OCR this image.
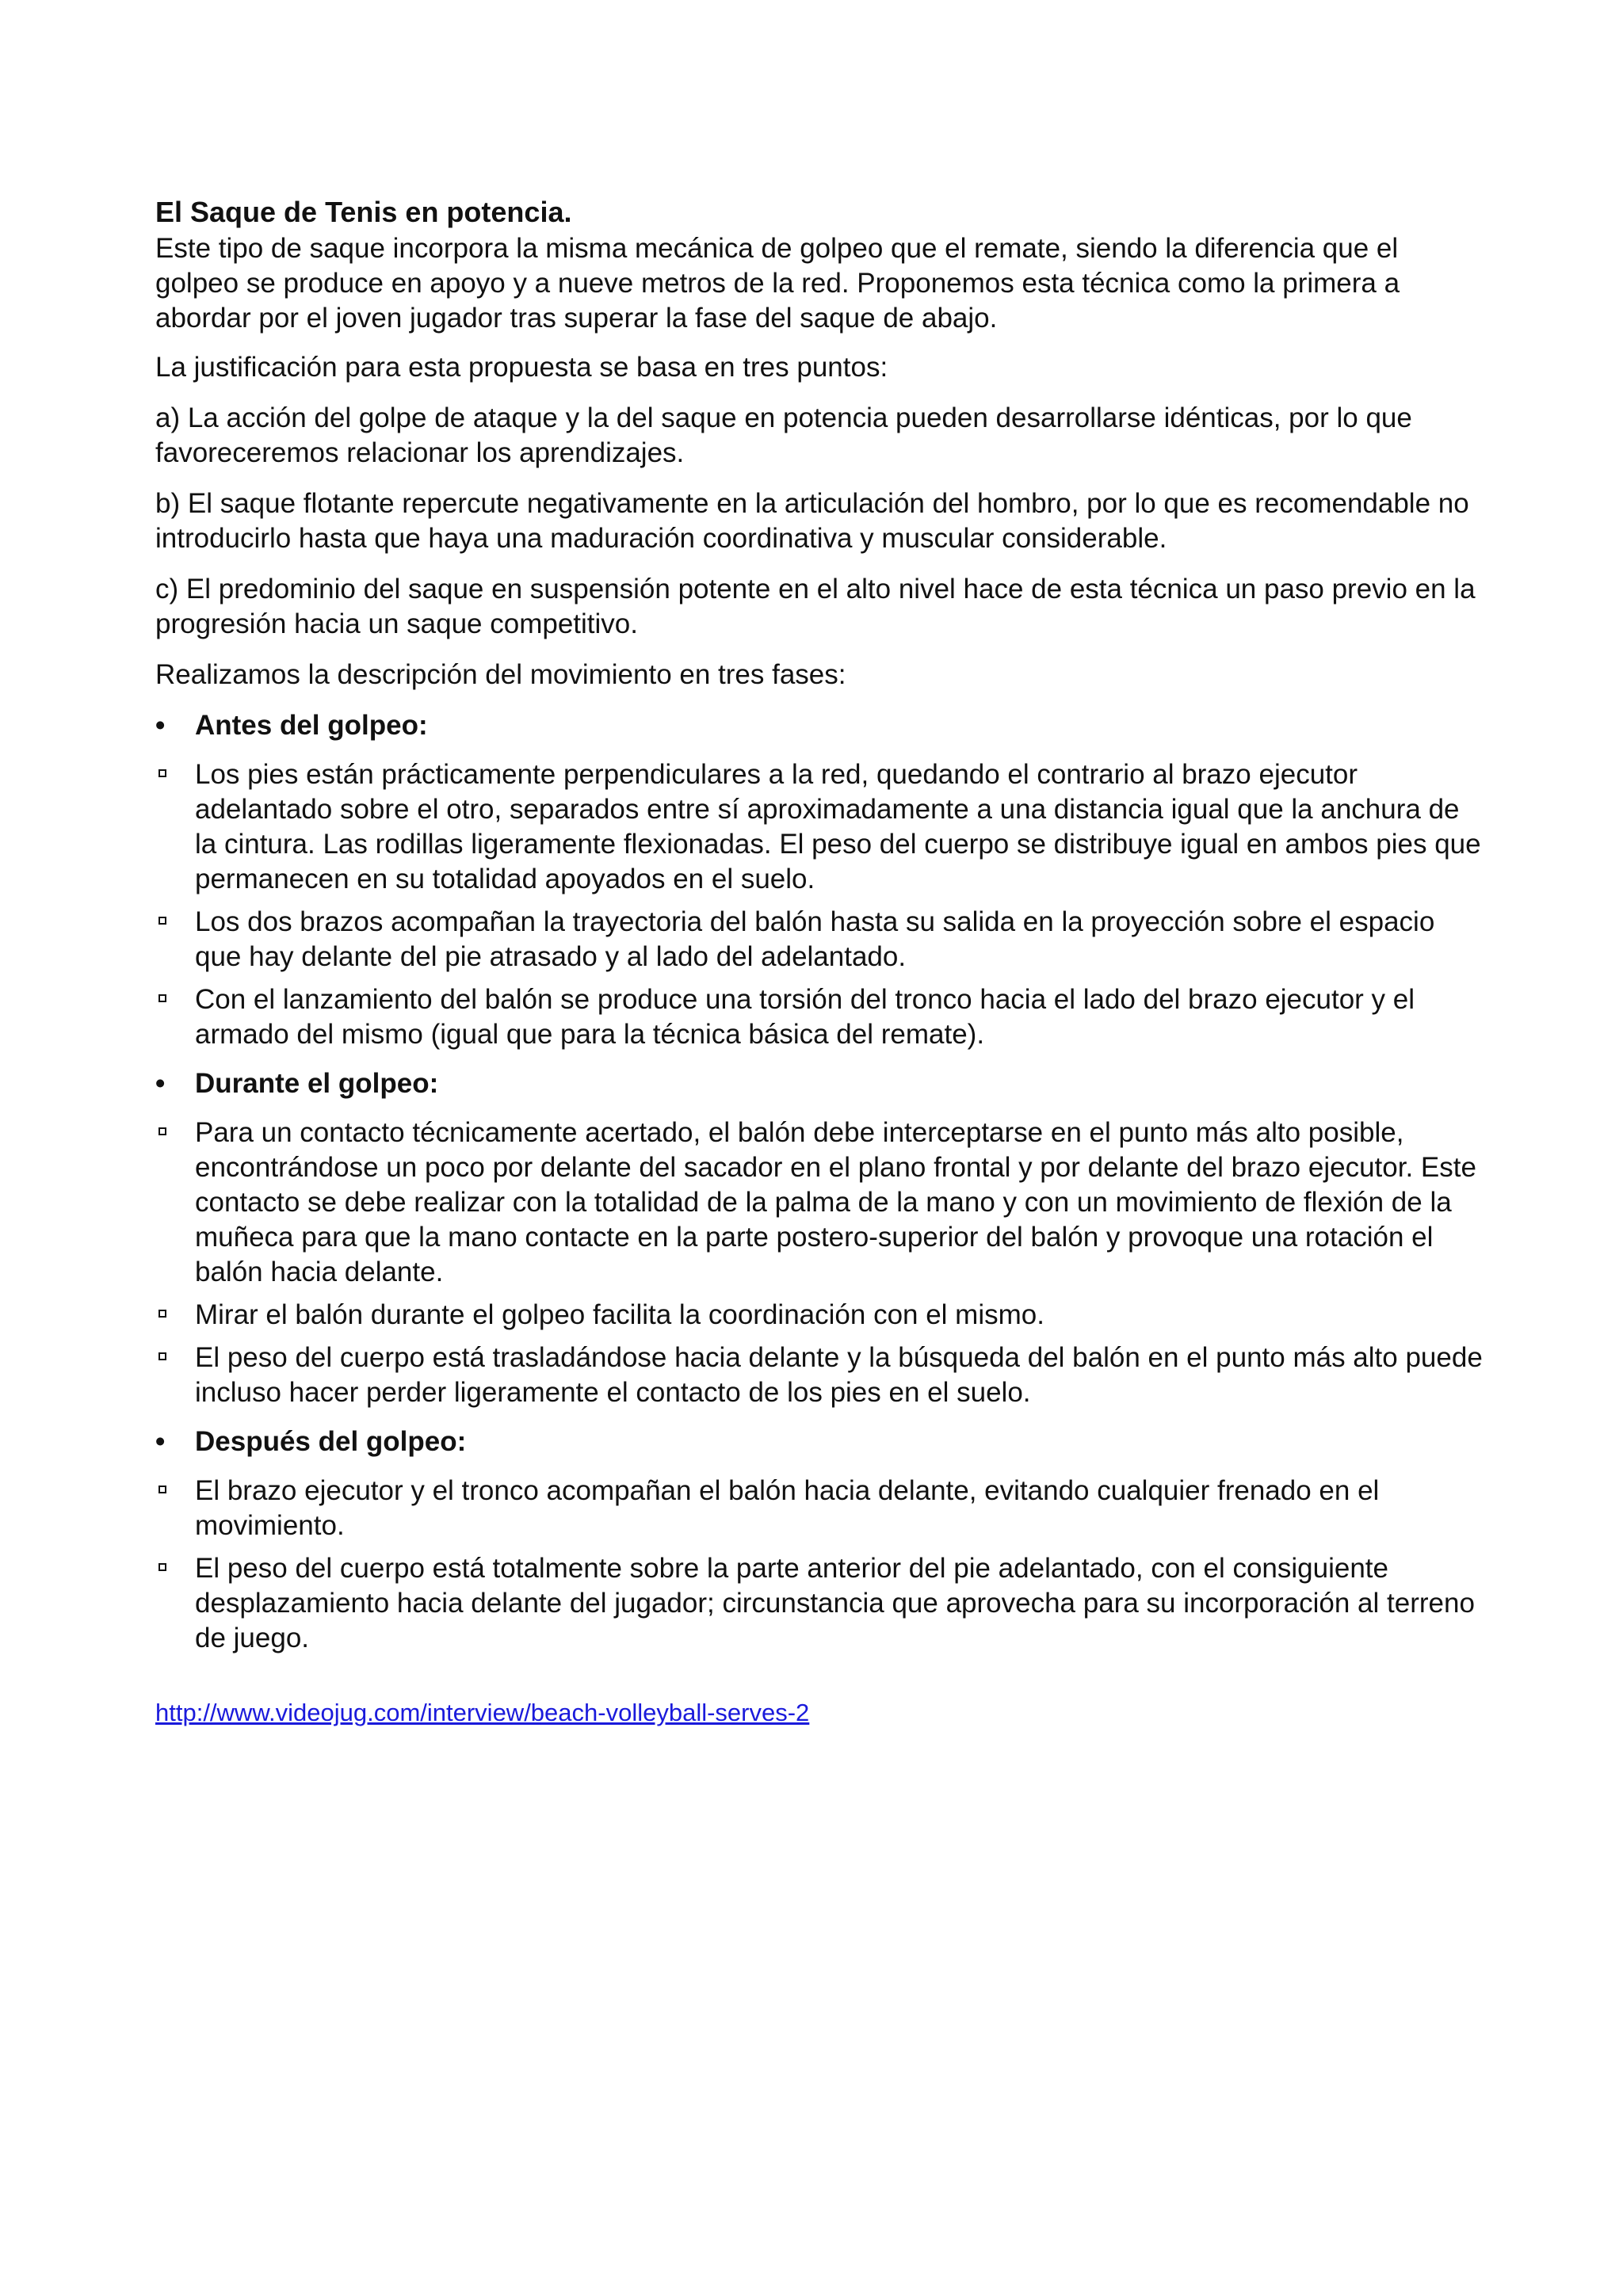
El Saque de Tenis en potencia.

Este tipo de saque incorpora la misma mecánica de golpeo que el remate, siendo la diferencia que el golpeo se produce en apoyo y a nueve metros de la red. Proponemos esta técnica como la primera a abordar por el joven jugador tras superar la fase del saque de abajo.

La justificación para esta propuesta se basa en tres puntos:

a) La acción del golpe de ataque y la del saque en potencia pueden desarrollarse idénticas, por lo que favoreceremos relacionar los aprendizajes.

b) El saque flotante repercute negativamente en la articulación del hombro, por lo que es recomendable no introducirlo hasta que haya una maduración coordinativa y muscular considerable.

c) El predominio del saque en suspensión potente en el alto nivel hace de esta técnica un paso previo en la progresión hacia un saque competitivo.

Realizamos la descripción del movimiento en tres fases:

•	Antes del golpeo:
Los pies están prácticamente perpendiculares a la red, quedando el contrario al brazo ejecutor adelantado sobre el otro, separados entre sí aproximadamente a una distancia igual que la anchura de la cintura. Las rodillas ligeramente flexionadas. El peso del cuerpo se distribuye igual en ambos pies que permanecen en su totalidad apoyados en el suelo.
Los dos brazos acompañan la trayectoria del balón hasta su salida en la proyección sobre el espacio que hay delante del pie atrasado y al lado del adelantado.
Con el lanzamiento del balón se produce una torsión del tronco hacia el lado del brazo ejecutor y el armado del mismo (igual que para la técnica básica del remate).
•	Durante el golpeo:
Para un contacto técnicamente acertado, el balón debe interceptarse en el punto más alto posible, encontrándose un poco por delante del sacador en el plano frontal y por delante del brazo ejecutor. Este contacto se debe realizar con la totalidad de la palma de la mano y con un movimiento de flexión de la muñeca para que la mano contacte en la parte postero-superior del balón y provoque una rotación el balón hacia delante.
Mirar el balón durante el golpeo facilita la coordinación con el mismo.
El peso del cuerpo está trasladándose hacia delante y la búsqueda del balón en el punto más alto puede incluso hacer perder ligeramente el contacto de los pies en el suelo.
•	Después del golpeo:
El brazo ejecutor y el tronco acompañan el balón hacia delante, evitando cualquier frenado en el movimiento.
El peso del cuerpo está totalmente sobre la parte anterior del pie adelantado, con el consiguiente desplazamiento hacia delante del jugador; circunstancia que aprovecha para su incorporación al terreno de juego.
http://www.videojug.com/interview/beach-volleyball-serves-2
